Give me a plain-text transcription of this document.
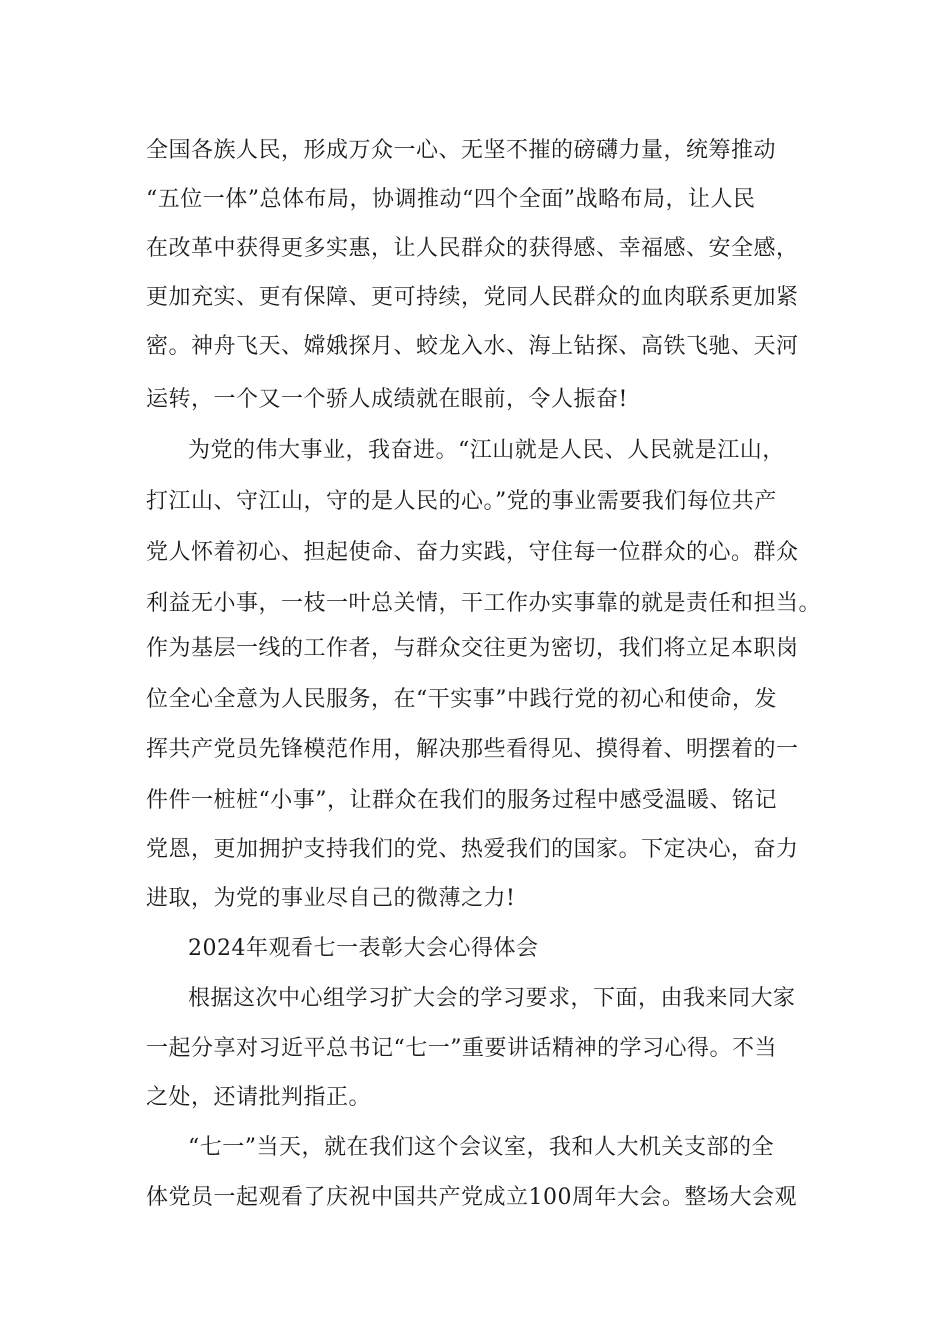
全国各族人民，形成万众一心、无坚不摧的磅礴力量，统筹推动
“五位一体”总体布局，协调推动“四个全面”战略布局，让人民
在改革中获得更多实惠，让人民群众的获得感、幸福感、安全感，
更加充实、更有保障、更可持续，党同人民群众的血肉联系更加紧
密。神舟飞天、嫦娥探月、蛟龙入水、海上钻探、高铁飞驰、天河
运转，一个又一个骄人成绩就在眼前，令人振奋!
为党的伟大事业，我奋进。“江山就是人民、人民就是江山，
打江山、守江山，守的是人民的心。”党的事业需要我们每位共产
党人怀着初心、担起使命、奋力实践，守住每一位群众的心。群众
利益无小事，一枝一叶总关情，干工作办实事靠的就是责任和担当。
作为基层一线的工作者，与群众交往更为密切，我们将立足本职岗
位全心全意为人民服务，在“干实事”中践行党的初心和使命，发
挥共产党员先锋模范作用，解决那些看得见、摸得着、明摆着的一
件件一桩桩“小事”，让群众在我们的服务过程中感受温暖、铭记
党恩，更加拥护支持我们的党、热爱我们的国家。下定决心，奋力
进取，为党的事业尽自己的微薄之力!
2024年观看七一表彰大会心得体会
根据这次中心组学习扩大会的学习要求，下面，由我来同大家
一起分享对习近平总书记“七一”重要讲话精神的学习心得。不当
之处，还请批判指正。
“七一”当天，就在我们这个会议室，我和人大机关支部的全
体党员一起观看了庆祝中国共产党成立100周年大会。整场大会观
